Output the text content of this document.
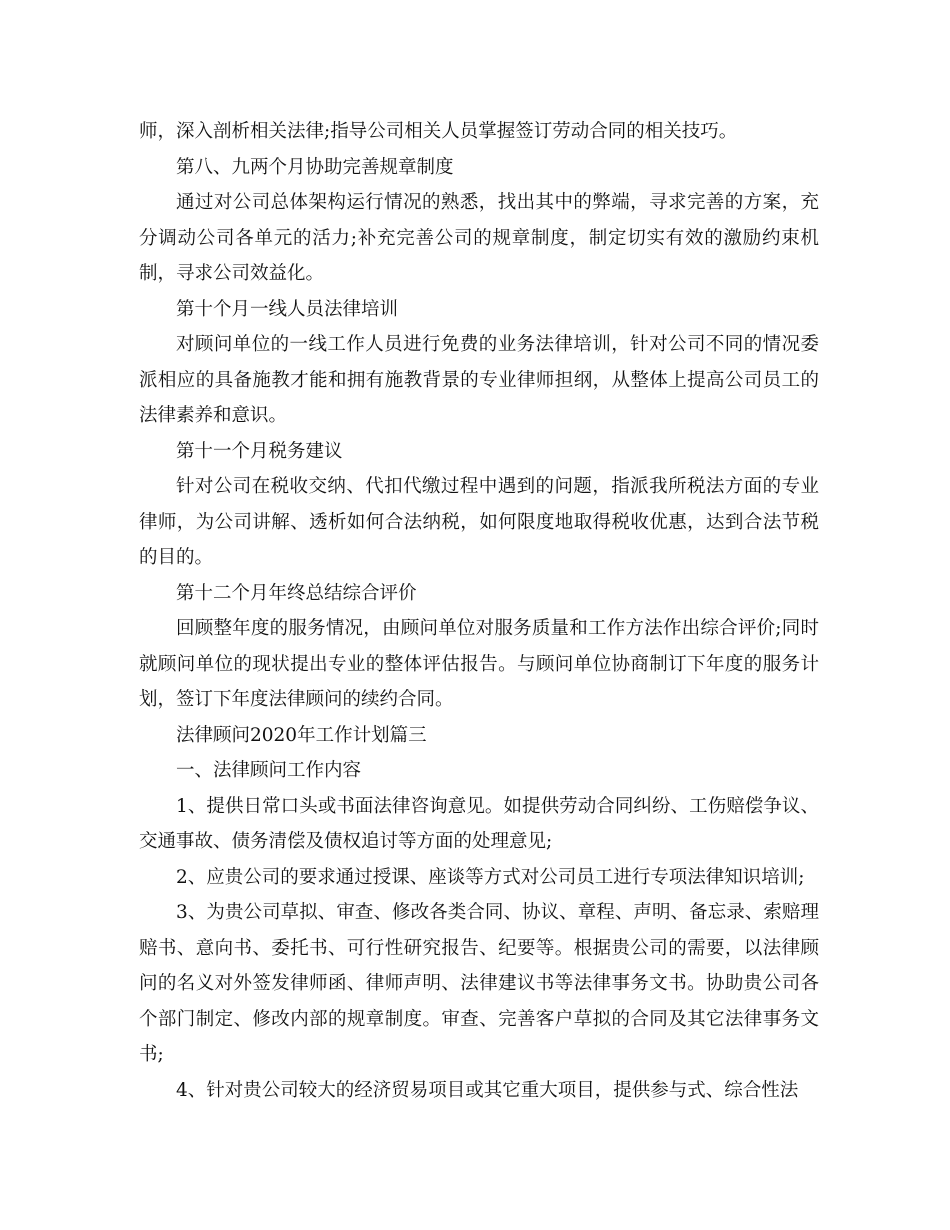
师，深入剖析相关法律;指导公司相关人员掌握签订劳动合同的相关技巧。

第八、九两个月协助完善规章制度

通过对公司总体架构运行情况的熟悉，找出其中的弊端，寻求完善的方案，充分调动公司各单元的活力;补充完善公司的规章制度，制定切实有效的激励约束机制，寻求公司效益化。

第十个月一线人员法律培训

对顾问单位的一线工作人员进行免费的业务法律培训，针对公司不同的情况委派相应的具备施教才能和拥有施教背景的专业律师担纲，从整体上提高公司员工的法律素养和意识。

第十一个月税务建议

针对公司在税收交纳、代扣代缴过程中遇到的问题，指派我所税法方面的专业律师，为公司讲解、透析如何合法纳税，如何限度地取得税收优惠，达到合法节税的目的。

第十二个月年终总结综合评价

回顾整年度的服务情况，由顾问单位对服务质量和工作方法作出综合评价;同时就顾问单位的现状提出专业的整体评估报告。与顾问单位协商制订下年度的服务计划，签订下年度法律顾问的续约合同。

法律顾问2020年工作计划篇三

一、法律顾问工作内容

1、提供日常口头或书面法律咨询意见。如提供劳动合同纠纷、工伤赔偿争议、交通事故、债务清偿及债权追讨等方面的处理意见;

2、应贵公司的要求通过授课、座谈等方式对公司员工进行专项法律知识培训;

3、为贵公司草拟、审查、修改各类合同、协议、章程、声明、备忘录、索赔理赔书、意向书、委托书、可行性研究报告、纪要等。根据贵公司的需要，以法律顾问的名义对外签发律师函、律师声明、法律建议书等法律事务文书。协助贵公司各个部门制定、修改内部的规章制度。审查、完善客户草拟的合同及其它法律事务文书;

4、针对贵公司较大的经济贸易项目或其它重大项目，提供参与式、综合性法
